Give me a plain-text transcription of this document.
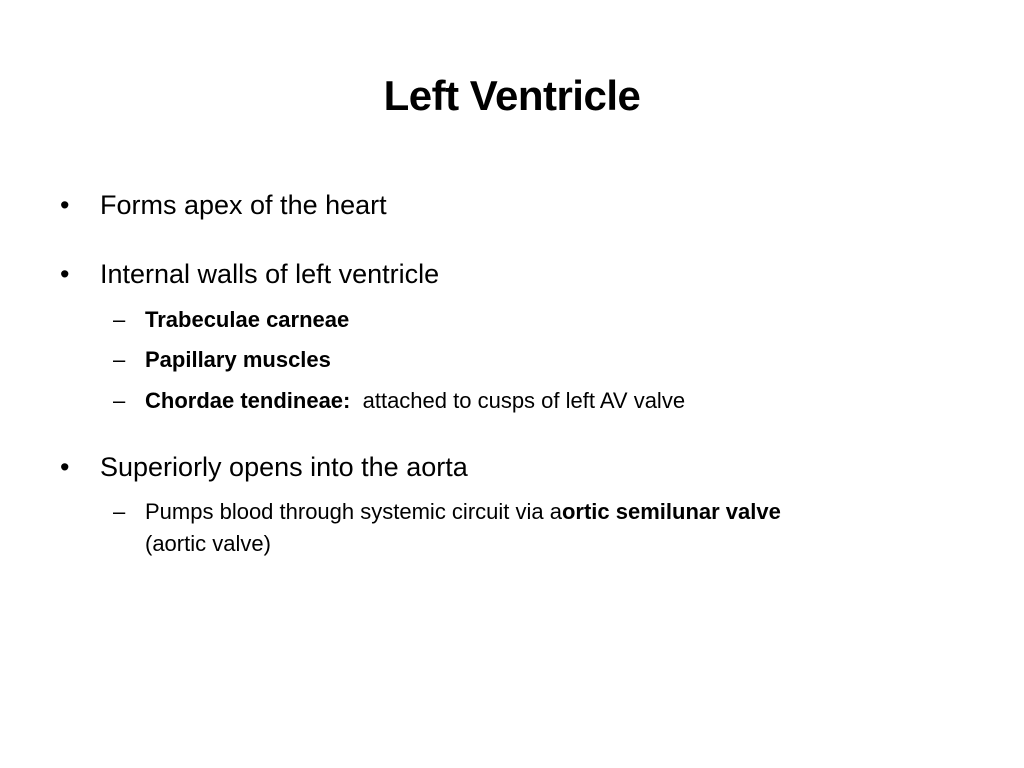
Left Ventricle
•	Forms apex of the heart
•	Internal walls of left ventricle
– Trabeculae carneae
– Papillary muscles
– Chordae tendineae: attached to cusps of left AV valve
•	Superiorly opens into the aorta
– Pumps blood through systemic circuit via aortic semilunar valve
(aortic valve)
